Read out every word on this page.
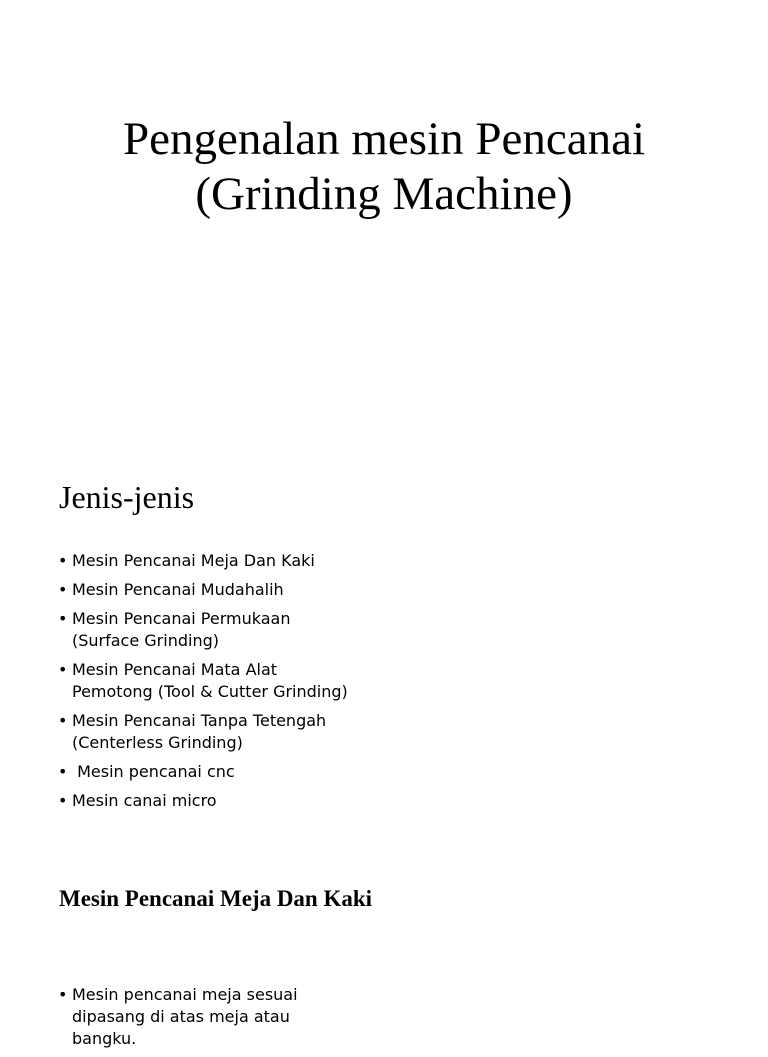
Pengenalan mesin Pencanai
(Grinding Machine)
Jenis-jenis
• Mesin Pencanai Meja Dan Kaki
• Mesin Pencanai Mudahalih
• Mesin Pencanai Permukaan
(Surface Grinding)
• Mesin Pencanai Mata Alat
Pemotong (Tool & Cutter Grinding)
• Mesin Pencanai Tanpa Tetengah
(Centerless Grinding)
• Mesin pencanai cnc
• Mesin canai micro
Mesin Pencanai Meja Dan Kaki
• Mesin pencanai meja sesuai
dipasang di atas meja atau bangku.
